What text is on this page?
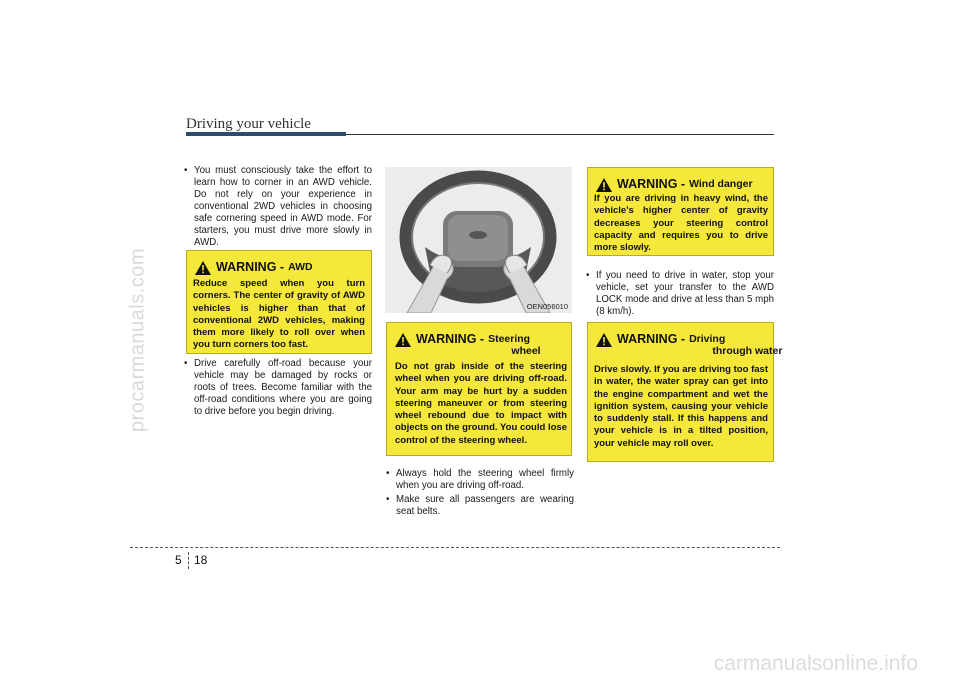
procarmanuals.com
carmanualsonline.info
Driving your vehicle
• You must consciously take the effort to learn how to corner in an AWD vehicle. Do not rely on your experience in conventional 2WD vehicles in choosing safe cornering speed in AWD mode. For starters, you must drive more slowly in AWD.
WARNING - AWD
Reduce speed when you turn corners. The center of gravity of AWD vehicles is higher than that of conventional 2WD vehicles, making them more likely to roll over when you turn corners too fast.
• Drive carefully off-road because your vehicle may be damaged by rocks or roots of trees. Become familiar with the off-road conditions where you are going to drive before you begin driving.
OEN056010
WARNING - Steering
wheel
Do not grab inside of the steering wheel when you are driving off-road. Your arm may be hurt by a sudden steering maneuver or from steering wheel rebound due to impact with objects on the ground. You could lose control of the steering wheel.
• Always hold the steering wheel firmly when you are driving off-road.
• Make sure all passengers are wearing seat belts.
WARNING - Wind danger
If you are driving in heavy wind, the vehicle's higher center of gravity decreases your steering control capacity and requires you to drive more slowly.
• If you need to drive in water, stop your vehicle, set your transfer to the AWD LOCK mode and drive at less than 5 mph (8 km/h).
WARNING - Driving
through water
Drive slowly. If you are driving too fast in water, the water spray can get into the engine compartment and wet the ignition system, causing your vehicle to suddenly stall. If this happens and your vehicle is in a tilted position, your vehicle may roll over.
5 18
